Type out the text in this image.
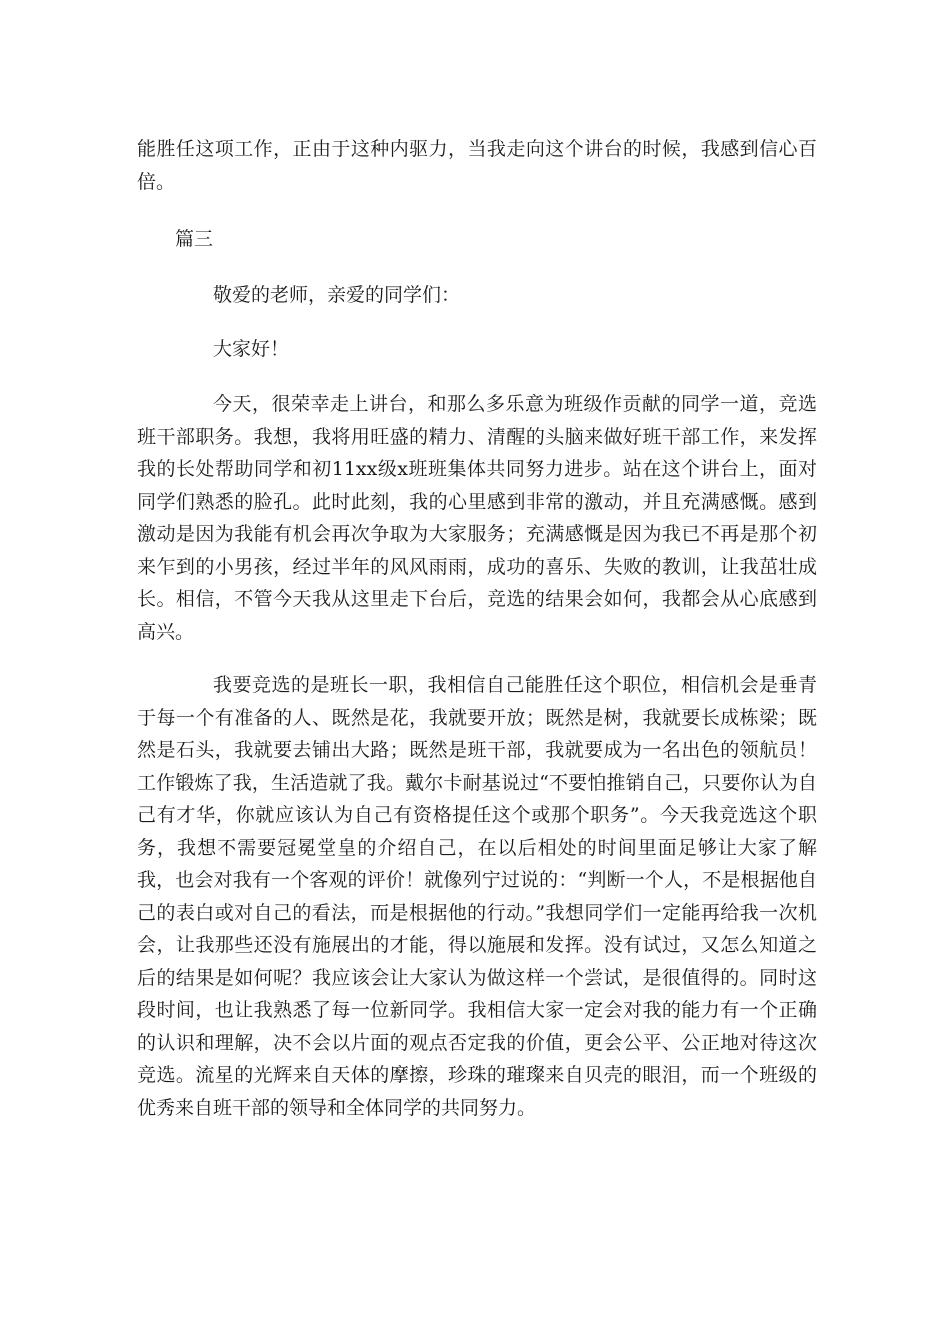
能胜任这项工作，正由于这种内驱力，当我走向这个讲台的时候，我感到信心百倍。

篇三

敬爱的老师，亲爱的同学们：

大家好！

今天，很荣幸走上讲台，和那么多乐意为班级作贡献的同学一道，竞选班干部职务。我想，我将用旺盛的精力、清醒的头脑来做好班干部工作，来发挥我的长处帮助同学和初11xx级x班班集体共同努力进步。站在这个讲台上，面对同学们熟悉的脸孔。此时此刻，我的心里感到非常的激动，并且充满感慨。感到激动是因为我能有机会再次争取为大家服务；充满感慨是因为我已不再是那个初来乍到的小男孩，经过半年的风风雨雨，成功的喜乐、失败的教训，让我茁壮成长。相信，不管今天我从这里走下台后，竞选的结果会如何，我都会从心底感到高兴。

我要竞选的是班长一职，我相信自己能胜任这个职位，相信机会是垂青于每一个有准备的人、既然是花，我就要开放；既然是树，我就要长成栋梁；既然是石头，我就要去铺出大路；既然是班干部，我就要成为一名出色的领航员！工作锻炼了我，生活造就了我。戴尔卡耐基说过“不要怕推销自己，只要你认为自己有才华，你就应该认为自己有资格提任这个或那个职务”。今天我竞选这个职务，我想不需要冠冕堂皇的介绍自己，在以后相处的时间里面足够让大家了解我，也会对我有一个客观的评价！就像列宁过说的：“判断一个人，不是根据他自己的表白或对自己的看法，而是根据他的行动。”我想同学们一定能再给我一次机会，让我那些还没有施展出的才能，得以施展和发挥。没有试过，又怎么知道之后的结果是如何呢？我应该会让大家认为做这样一个尝试，是很值得的。同时这段时间，也让我熟悉了每一位新同学。我相信大家一定会对我的能力有一个正确的认识和理解，决不会以片面的观点否定我的价值，更会公平、公正地对待这次竞选。流星的光辉来自天体的摩擦，珍珠的璀璨来自贝壳的眼泪，而一个班级的优秀来自班干部的领导和全体同学的共同努力。
